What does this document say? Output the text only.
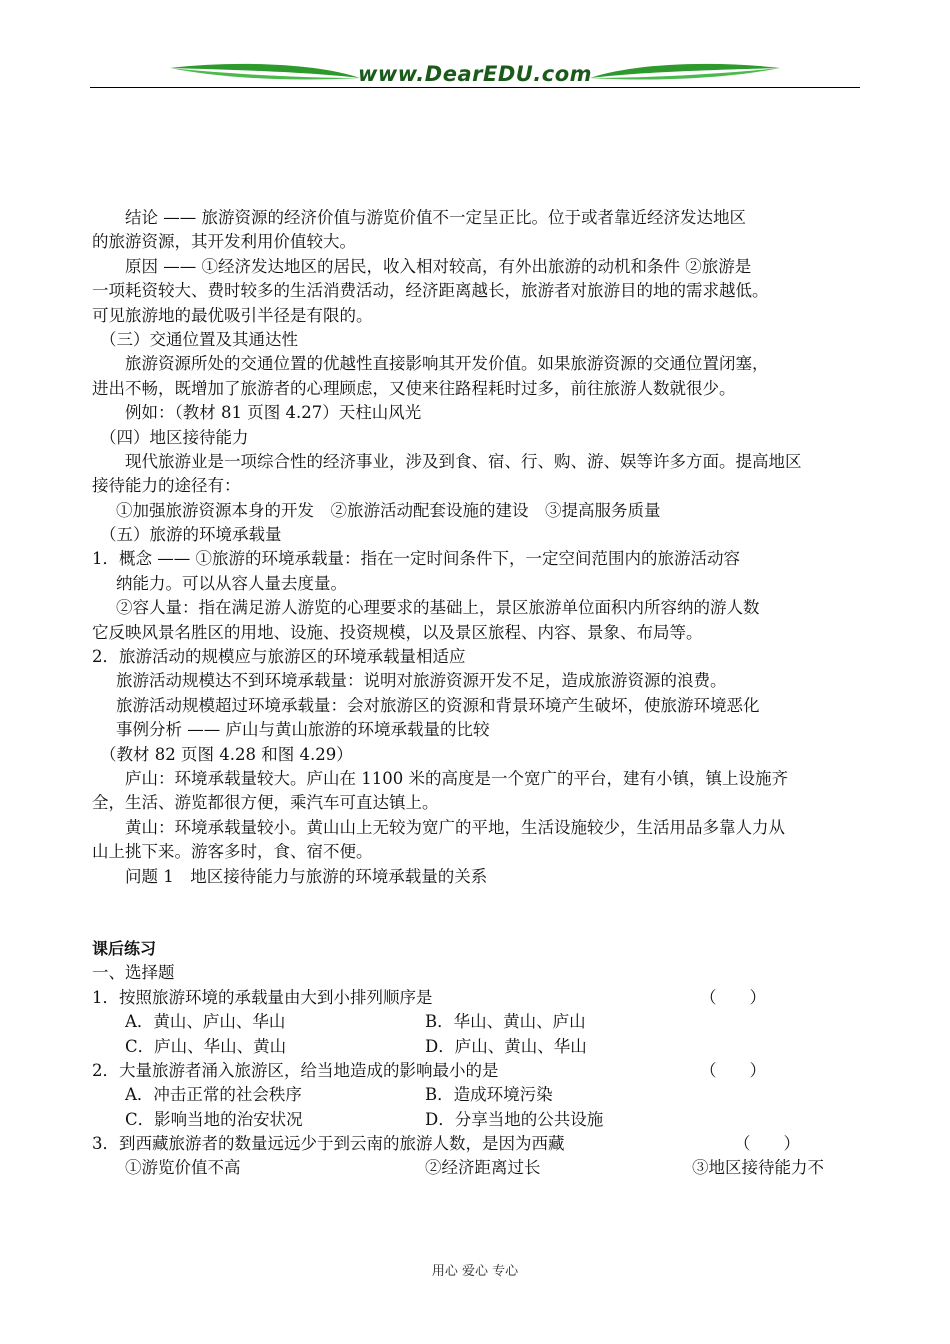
www.DearEDU.com
结论 —— 旅游资源的经济价值与游览价值不一定呈正比。位于或者靠近经济发达地区
的旅游资源，其开发利用价值较大。
原因 —— ①经济发达地区的居民，收入相对较高，有外出旅游的动机和条件 ②旅游是
一项耗资较大、费时较多的生活消费活动，经济距离越长，旅游者对旅游目的地的需求越低。
可见旅游地的最优吸引半径是有限的。
（三）交通位置及其通达性
旅游资源所处的交通位置的优越性直接影响其开发价值。如果旅游资源的交通位置闭塞，
进出不畅，既增加了旅游者的心理顾虑，又使来往路程耗时过多，前往旅游人数就很少。
例如：（教材 81 页图 4.27）天柱山风光
（四）地区接待能力
现代旅游业是一项综合性的经济事业，涉及到食、宿、行、购、游、娱等许多方面。提高地区
接待能力的途径有：
①加强旅游资源本身的开发　②旅游活动配套设施的建设　③提高服务质量
（五）旅游的环境承载量
1．概念 —— ①旅游的环境承载量：指在一定时间条件下，一定空间范围内的旅游活动容
纳能力。可以从容人量去度量。
②容人量：指在满足游人游览的心理要求的基础上，景区旅游单位面积内所容纳的游人数
它反映风景名胜区的用地、设施、投资规模，以及景区旅程、内容、景象、布局等。
2．旅游活动的规模应与旅游区的环境承载量相适应
旅游活动规模达不到环境承载量：说明对旅游资源开发不足，造成旅游资源的浪费。
旅游活动规模超过环境承载量：会对旅游区的资源和背景环境产生破坏，使旅游环境恶化
事例分析 —— 庐山与黄山旅游的环境承载量的比较
（教材 82 页图 4.28 和图 4.29）
庐山：环境承载量较大。庐山在 1100 米的高度是一个宽广的平台，建有小镇，镇上设施齐
全，生活、游览都很方便，乘汽车可直达镇上。
黄山：环境承载量较小。黄山山上无较为宽广的平地，生活设施较少，生活用品多靠人力从
山上挑下来。游客多时，食、宿不便。
问题 1　地区接待能力与旅游的环境承载量的关系
课后练习
一、选择题
1．按照旅游环境的承载量由大到小排列顺序是	（　　）
A．黄山、庐山、华山	B．华山、黄山、庐山
C．庐山、华山、黄山	D．庐山、黄山、华山
2．大量旅游者涌入旅游区，给当地造成的影响最小的是	（　　）
A．冲击正常的社会秩序	B．造成环境污染
C．影响当地的治安状况	D．分享当地的公共设施
3．到西藏旅游者的数量远远少于到云南的旅游人数，是因为西藏	（　　）
①游览价值不高	②经济距离过长	③地区接待能力不
用心 爱心 专心
